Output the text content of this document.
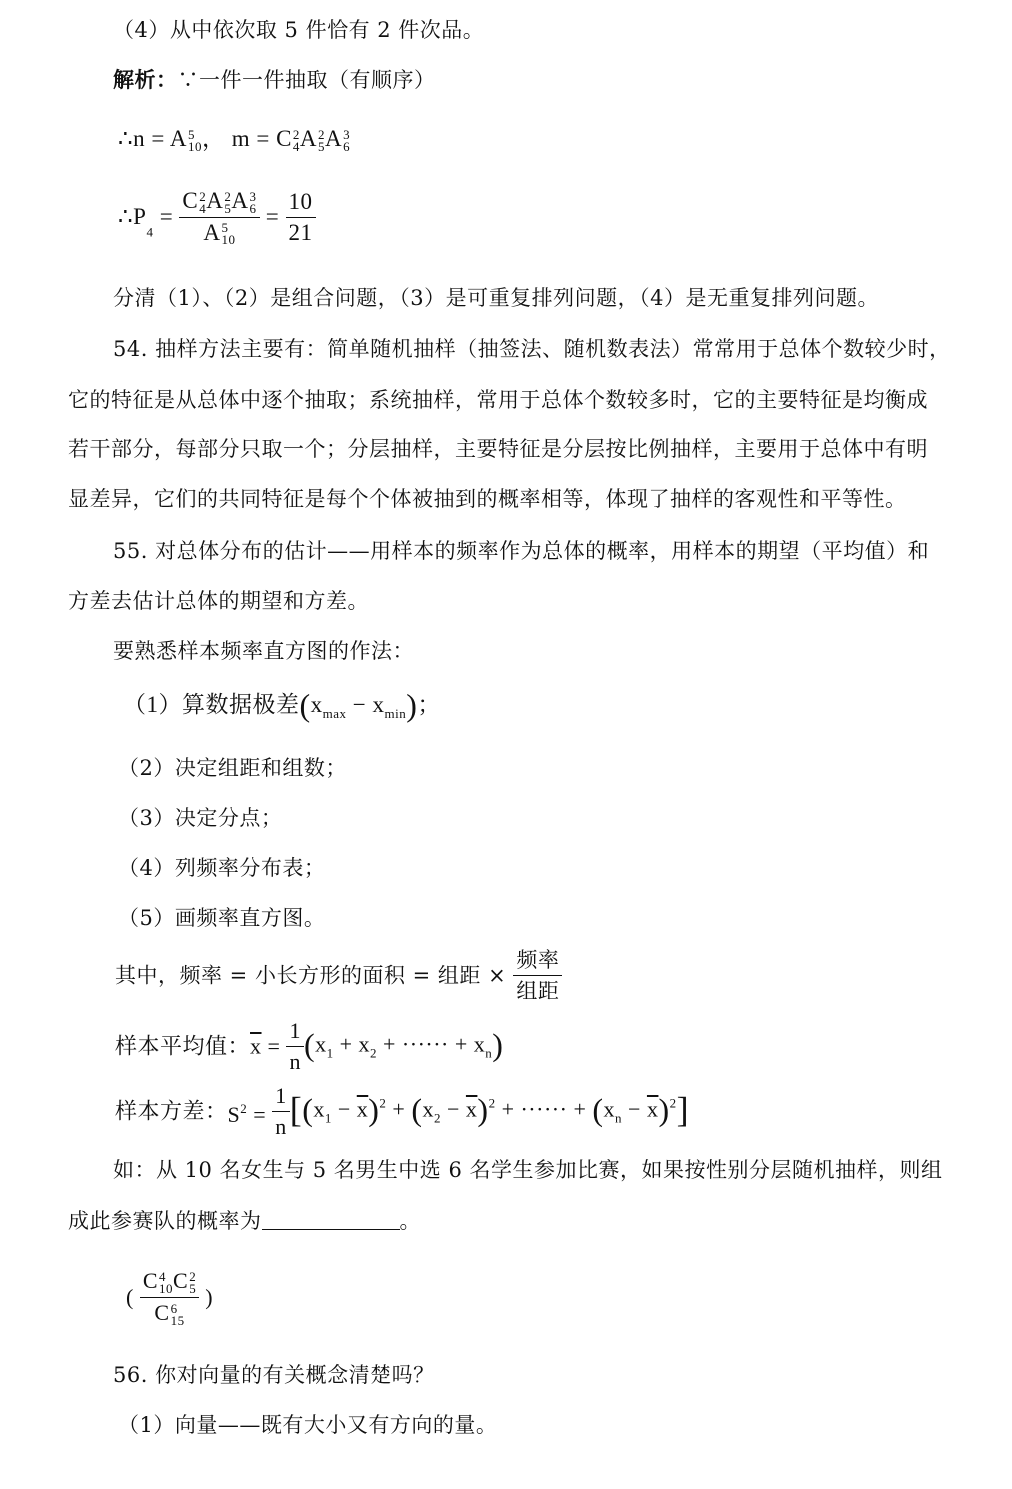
（4）从中依次取 5 件恰有 2 件次品。
解析：∵一件一件抽取（有顺序）
∴n = A 5
10 ， m = C 2
4 A 2
5 A 3
6
$\therefore P_4 = C$ 2
4 A 2
5 A 3
6
A 5
$10 = \frac{10}{21}$
分清（1）、（2）是组合问题，（3）是可重复排列问题，（4）是无重复排列问题。
54. 抽样方法主要有：简单随机抽样（抽签法、随机数表法）常常用于总体个数较少时，
它的特征是从总体中逐个抽取；系统抽样，常用于总体个数较多时，它的主要特征是均衡成
若干部分，每部分只取一个；分层抽样，主要特征是分层按比例抽样，主要用于总体中有明
显差异，它们的共同特征是每个个体被抽到的概率相等，体现了抽样的客观性和平等性。
55. 对总体分布的估计——用样本的频率作为总体的概率，用样本的期望（平均值）和
方差去估计总体的期望和方差。
要熟悉样本频率直方图的作法：
（1）算数据极差$(x_{max} - x_{min})$；
（2）决定组距和组数；
（3）决定分点；
（4）列频率分布表；
（5）画频率直方图。
其中，频率 = 小长方形的面积 = 组距 × $\frac{\text{频率}}{\text{组距}}$
样本平均值：$\overline{x} = \frac{1}{n} (x_1 + x_2$ + ······ + $x_n$)
样本方差：$S^2 = \frac{1}{n} [(x_1 - \overline{x})^2 + (x_2 - \overline{x})^2$ + ······ + $(x_n - \overline{x})^2$]
如：从 10 名女生与 5 名男生中选 6 名学生参加比赛，如果按性别分层随机抽样，则组
成此参赛队的概率为	。
( C 4
10 C 2
5
C 6
15 )
56. 你对向量的有关概念清楚吗？
（1）向量——既有大小又有方向的量。
